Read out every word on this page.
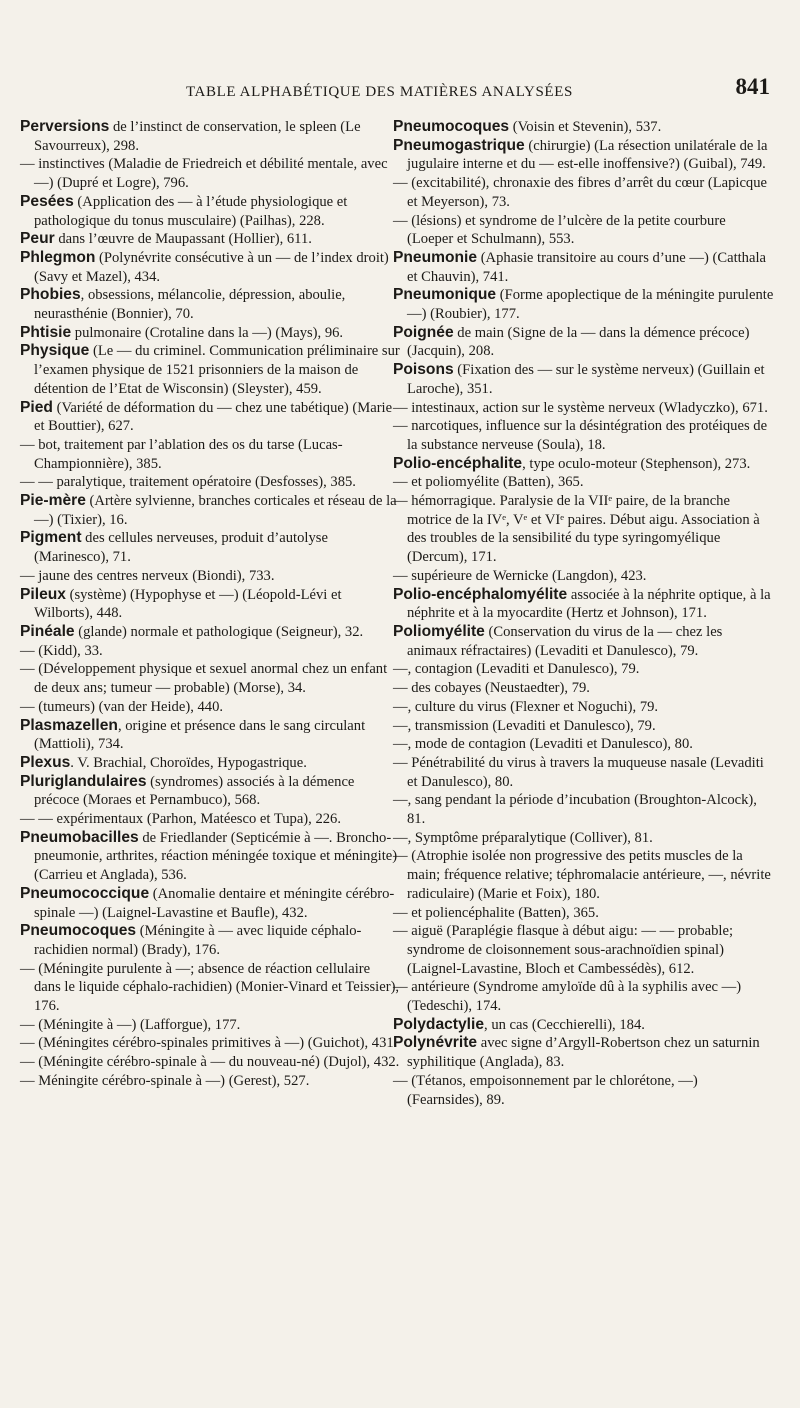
TABLE ALPHABÉTIQUE DES MATIÈRES ANALYSÉES	841

Perversions de l’instinct de conservation, le spleen (Le Savourreux), 298.

— instinctives (Maladie de Friedreich et débilité mentale, avec —) (Dupré et Logre), 796.

Pesées (Application des — à l’étude physiologique et pathologique du tonus musculaire) (Pailhas), 228.

Peur dans l’œuvre de Maupassant (Hollier), 611.

Phlegmon (Polynévrite consécutive à un — de l’index droit) (Savy et Mazel), 434.

Phobies, obsessions, mélancolie, dépression, aboulie, neurasthénie (Bonnier), 70.

Phtisie pulmonaire (Crotaline dans la —) (Mays), 96.

Physique (Le — du criminel. Communication préliminaire sur l’examen physique de 1521 prisonniers de la maison de détention de l’Etat de Wisconsin) (Sleyster), 459.

Pied (Variété de déformation du — chez une tabétique) (Marie et Bouttier), 627.

— bot, traitement par l’ablation des os du tarse (Lucas-Championnière), 385.

— — paralytique, traitement opératoire (Desfosses), 385.

Pie-mère (Artère sylvienne, branches corticales et réseau de la —) (Tixier), 16.

Pigment des cellules nerveuses, produit d’autolyse (Marinesco), 71.

— jaune des centres nerveux (Biondi), 733.

Pileux (système) (Hypophyse et —) (Léopold-Lévi et Wilborts), 448.

Pinéale (glande) normale et pathologique (Seigneur), 32.

— (Kidd), 33.

— (Développement physique et sexuel anormal chez un enfant de deux ans; tumeur — probable) (Morse), 34.

— (tumeurs) (van der Heide), 440.

Plasmazellen, origine et présence dans le sang circulant (Mattioli), 734.

Plexus. V. Brachial, Choroïdes, Hypogastrique.

Pluriglandulaires (syndromes) associés à la démence précoce (Moraes et Pernambuco), 568.

— — expérimentaux (Parhon, Matéesco et Tupa), 226.

Pneumobacilles de Friedlander (Septicémie à —. Broncho-pneumonie, arthrites, réaction méningée toxique et méningite) (Carrieu et Anglada), 536.

Pneumococcique (Anomalie dentaire et méningite cérébro-spinale —) (Laignel-Lavastine et Baufle), 432.

Pneumocoques (Méningite à — avec liquide céphalo-rachidien normal) (Brady), 176.

— (Méningite purulente à —; absence de réaction cellulaire dans le liquide céphalo-rachidien) (Monier-Vinard et Teissier), 176.

— (Méningite à —) (Lafforgue), 177.

— (Méningites cérébro-spinales primitives à —) (Guichot), 431.

— (Méningite cérébro-spinale à — du nouveau-né) (Dujol), 432.

— Méningite cérébro-spinale à —) (Gerest), 527.

Pneumocoques (Voisin et Stevenin), 537.

Pneumogastrique (chirurgie) (La résection unilatérale de la jugulaire interne et du — est-elle inoffensive?) (Guibal), 749.

— (excitabilité), chronaxie des fibres d’arrêt du cœur (Lapicque et Meyerson), 73.

— (lésions) et syndrome de l’ulcère de la petite courbure (Loeper et Schulmann), 553.

Pneumonie (Aphasie transitoire au cours d’une —) (Catthala et Chauvin), 741.

Pneumonique (Forme apoplectique de la méningite purulente —) (Roubier), 177.

Poignée de main (Signe de la — dans la démence précoce) (Jacquin), 208.

Poisons (Fixation des — sur le système nerveux) (Guillain et Laroche), 351.

— intestinaux, action sur le système nerveux (Wladyczko), 671.

— narcotiques, influence sur la désintégration des protéiques de la substance nerveuse (Soula), 18.

Polio-encéphalite, type oculo-moteur (Stephenson), 273.

— et poliomyélite (Batten), 365.

— hémorragique. Paralysie de la VIIᵉ paire, de la branche motrice de la IVᵉ, Vᵉ et VIᵉ paires. Début aigu. Association à des troubles de la sensibilité du type syringomyélique (Dercum), 171.

— supérieure de Wernicke (Langdon), 423.

Polio-encéphalomyélite associée à la néphrite optique, à la néphrite et à la myocardite (Hertz et Johnson), 171.

Poliomyélite (Conservation du virus de la — chez les animaux réfractaires) (Levaditi et Danulesco), 79.

—, contagion (Levaditi et Danulesco), 79.

— des cobayes (Neustaedter), 79.

—, culture du virus (Flexner et Noguchi), 79.

—, transmission (Levaditi et Danulesco), 79.

—, mode de contagion (Levaditi et Danulesco), 80.

— Pénétrabilité du virus à travers la muqueuse nasale (Levaditi et Danulesco), 80.

—, sang pendant la période d’incubation (Broughton-Alcock), 81.

—, Symptôme préparalytique (Colliver), 81.

— (Atrophie isolée non progressive des petits muscles de la main; fréquence relative; téphromalacie antérieure, —, névrite radiculaire) (Marie et Foix), 180.

— et poliencéphalite (Batten), 365.

— aiguë (Paraplégie flasque à début aigu: — — probable; syndrome de cloisonnement sous-arachnoïdien spinal) (Laignel-Lavastine, Bloch et Cambessédès), 612.

— antérieure (Syndrome amyloïde dû à la syphilis avec —) (Tedeschi), 174.

Polydactylie, un cas (Cecchierelli), 184.

Polynévrite avec signe d’Argyll-Robertson chez un saturnin syphilitique (Anglada), 83.

— (Tétanos, empoisonnement par le chlorétone, —) (Fearnsides), 89.
